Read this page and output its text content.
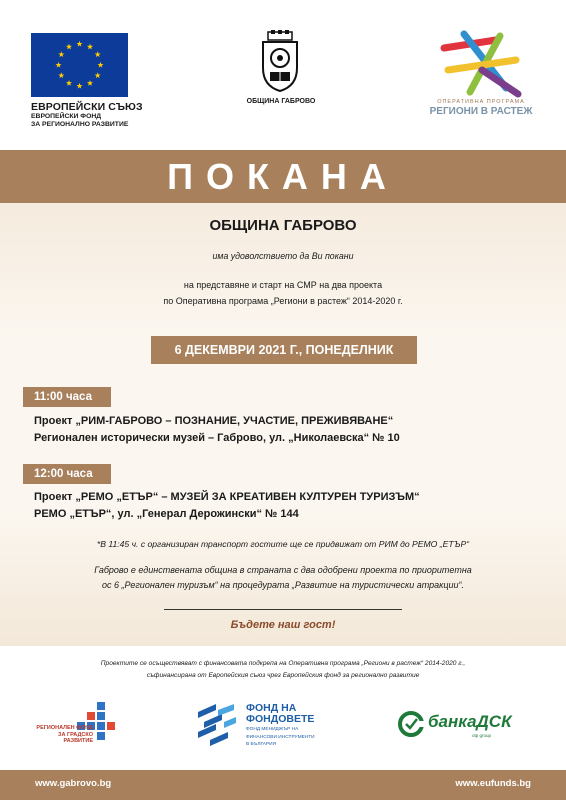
ЕВРОПЕЙСКИ СЪЮЗ
ЕВРОПЕЙСКИ ФОНД
ЗА РЕГИОНАЛНО РАЗВИТИЕ
ОБЩИНА ГАБРОВО	ОПЕРАТИВНА ПРОГРАМА
РЕГИОНИ В РАСТЕЖ
ПОКАНА
ОБЩИНА ГАБРОВО
има удоволствието да Ви покани
на представяне и старт на СМР на два проекта
по Оперативна програма „Региони в растеж“ 2014-2020 г.
6 ДЕКЕМВРИ 2021 Г., ПОНЕДЕЛНИК
11:00 часа
Проект „РИМ-ГАБРОВО – ПОЗНАНИЕ, УЧАСТИЕ, ПРЕЖИВЯВАНЕ“
Регионален исторически музей – Габрово, ул. „Николаевска“ № 10
12:00 часа
Проект „РЕМО „ЕТЪР“ – МУЗЕЙ ЗА КРЕАТИВЕН КУЛТУРЕН ТУРИЗЪМ“
РЕМО „ЕТЪР“, ул. „Генерал Дерожински“ № 144
*В 11:45 ч. с организиран транспорт гостите ще се придвижат от РИМ до РЕМО „ЕТЪР“
Габрово е единствената община в страната с два одобрени проекта по приоритетна
ос 6 „Регионален туризъм“ на процедурата „Развитие на туристически атракции“.
Бъдете наш гост!
Проектите се осъществяват с финансовата подкрепа на Оперативна програма „Региони в растеж“ 2014-2020 г.,
съфинансирана от Европейския съюз чрез Европейския фонд за регионално развитие
РЕГИОНАЛЕН ФОНД
ЗА ГРАДСКО
РАЗВИТИЕ
ФОНД НА
ФОНДОВЕТЕ
ФОНД МЕНИДЖЪР НА
ФИНАНСОВИ ИНСТРУМЕНТИ
В БЪЛГАРИЯ
банкаДСК
otp group
www.gabrovo.bg	www.eufunds.bg
